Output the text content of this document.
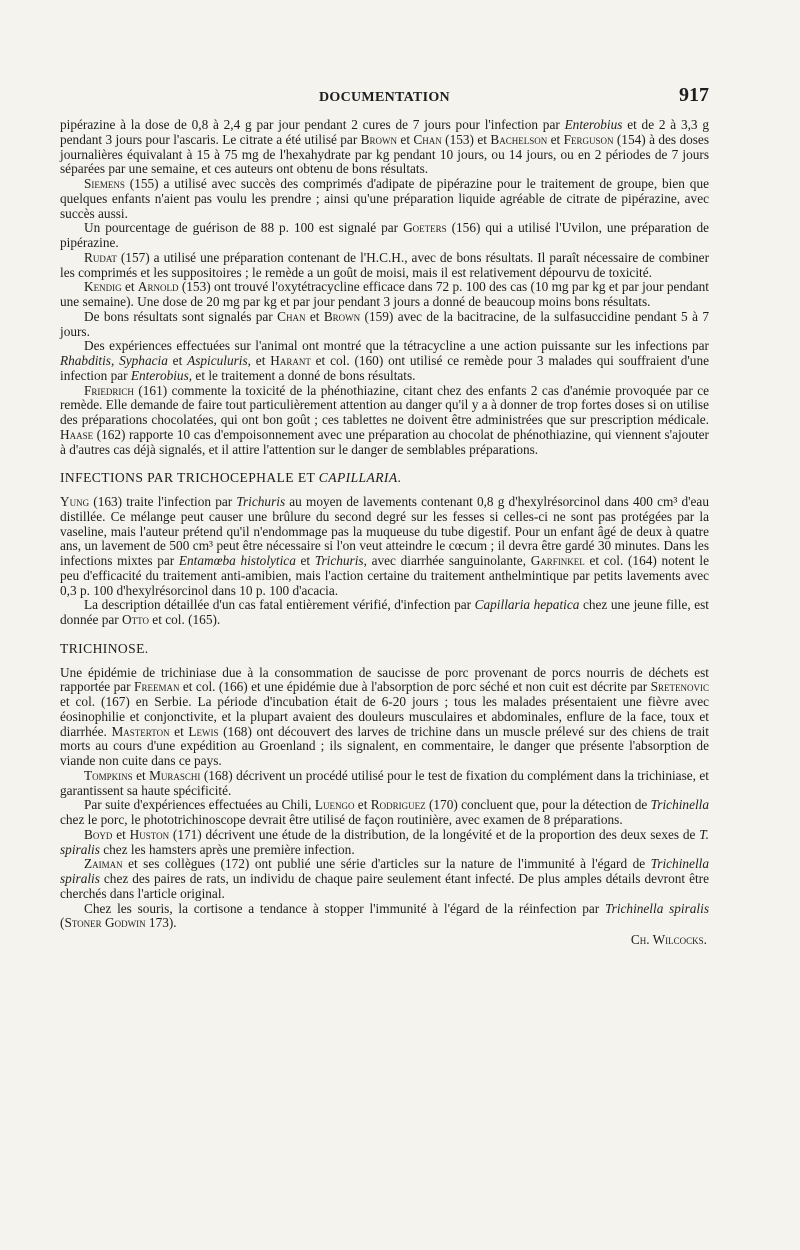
DOCUMENTATION	917

pipérazine à la dose de 0,8 à 2,4 g par jour pendant 2 cures de 7 jours pour l'infection par Enterobius et de 2 à 3,3 g pendant 3 jours pour l'ascaris. Le citrate a été utilisé par Brown et Chan (153) et Bachelson et Ferguson (154) à des doses journalières équivalant à 15 à 75 mg de l'hexahydrate par kg pendant 10 jours, ou 14 jours, ou en 2 périodes de 7 jours séparées par une semaine, et ces auteurs ont obtenu de bons résultats.

Siemens (155) a utilisé avec succès des comprimés d'adipate de pipérazine pour le traitement de groupe, bien que quelques enfants n'aient pas voulu les prendre ; ainsi qu'une préparation liquide agréable de citrate de pipérazine, avec succès aussi.

Un pourcentage de guérison de 88 p. 100 est signalé par Goeters (156) qui a utilisé l'Uvilon, une préparation de pipérazine.

Rudat (157) a utilisé une préparation contenant de l'H.C.H., avec de bons résultats. Il paraît nécessaire de combiner les comprimés et les suppositoires ; le remède a un goût de moisi, mais il est relativement dépourvu de toxicité.

Kendig et Arnold (153) ont trouvé l'oxytétracycline efficace dans 72 p. 100 des cas (10 mg par kg et par jour pendant une semaine). Une dose de 20 mg par kg et par jour pendant 3 jours a donné de beaucoup moins bons résultats.

De bons résultats sont signalés par Chan et Brown (159) avec de la bacitracine, de la sulfasuccidine pendant 5 à 7 jours.

Des expériences effectuées sur l'animal ont montré que la tétracycline a une action puissante sur les infections par Rhabditis, Syphacia et Aspiculuris, et Harant et col. (160) ont utilisé ce remède pour 3 malades qui souffraient d'une infection par Enterobius, et le traitement a donné de bons résultats.

Friedrich (161) commente la toxicité de la phénothiazine, citant chez des enfants 2 cas d'anémie provoquée par ce remède. Elle demande de faire tout particulièrement attention au danger qu'il y a à donner de trop fortes doses si on utilise des préparations chocolatées, qui ont bon goût ; ces tablettes ne doivent être administrées que sur prescription médicale. Haase (162) rapporte 10 cas d'empoisonnement avec une préparation au chocolat de phénothiazine, qui viennent s'ajouter à d'autres cas déjà signalés, et il attire l'attention sur le danger de semblables préparations.

INFECTIONS PAR TRICHOCEPHALE ET CAPILLARIA.

Yung (163) traite l'infection par Trichuris au moyen de lavements contenant 0,8 g d'hexylrésorcinol dans 400 cm³ d'eau distillée. Ce mélange peut causer une brûlure du second degré sur les fesses si celles-ci ne sont pas protégées par la vaseline, mais l'auteur prétend qu'il n'endommage pas la muqueuse du tube digestif. Pour un enfant âgé de deux à quatre ans, un lavement de 500 cm³ peut être nécessaire si l'on veut atteindre le cœcum ; il devra être gardé 30 minutes. Dans les infections mixtes par Entamœba histolytica et Trichuris, avec diarrhée sanguinolante, Garfinkel et col. (164) notent le peu d'efficacité du traitement anti-amibien, mais l'action certaine du traitement anthelmintique par petits lavements avec 0,3 p. 100 d'hexylrésorcinol dans 10 p. 100 d'acacia.

La description détaillée d'un cas fatal entièrement vérifié, d'infection par Capillaria hepatica chez une jeune fille, est donnée par Otto et col. (165).

TRICHINOSE.

Une épidémie de trichiniase due à la consommation de saucisse de porc provenant de porcs nourris de déchets est rapportée par Freeman et col. (166) et une épidémie due à l'absorption de porc séché et non cuit est décrite par Sretenovic et col. (167) en Serbie. La période d'incubation était de 6-20 jours ; tous les malades présentaient une fièvre avec éosinophilie et conjonctivite, et la plupart avaient des douleurs musculaires et abdominales, enflure de la face, toux et diarrhée. Masterton et Lewis (168) ont découvert des larves de trichine dans un muscle prélevé sur des chiens de trait morts au cours d'une expédition au Groenland ; ils signalent, en commentaire, le danger que présente l'absorption de viande non cuite dans ce pays.

Tompkins et Muraschi (168) décrivent un procédé utilisé pour le test de fixation du complément dans la trichiniase, et garantissent sa haute spécificité.

Par suite d'expériences effectuées au Chili, Luengo et Rodriguez (170) concluent que, pour la détection de Trichinella chez le porc, le phototrichinoscope devrait être utilisé de façon routinière, avec examen de 8 préparations.

Boyd et Huston (171) décrivent une étude de la distribution, de la longévité et de la proportion des deux sexes de T. spiralis chez les hamsters après une première infection.

Zaiman et ses collègues (172) ont publié une série d'articles sur la nature de l'immunité à l'égard de Trichinella spiralis chez des paires de rats, un individu de chaque paire seulement étant infecté. De plus amples détails devront être cherchés dans l'article original.

Chez les souris, la cortisone a tendance à stopper l'immunité à l'égard de la réinfection par Trichinella spiralis (Stoner Godwin 173).

Ch. Wilcocks.
